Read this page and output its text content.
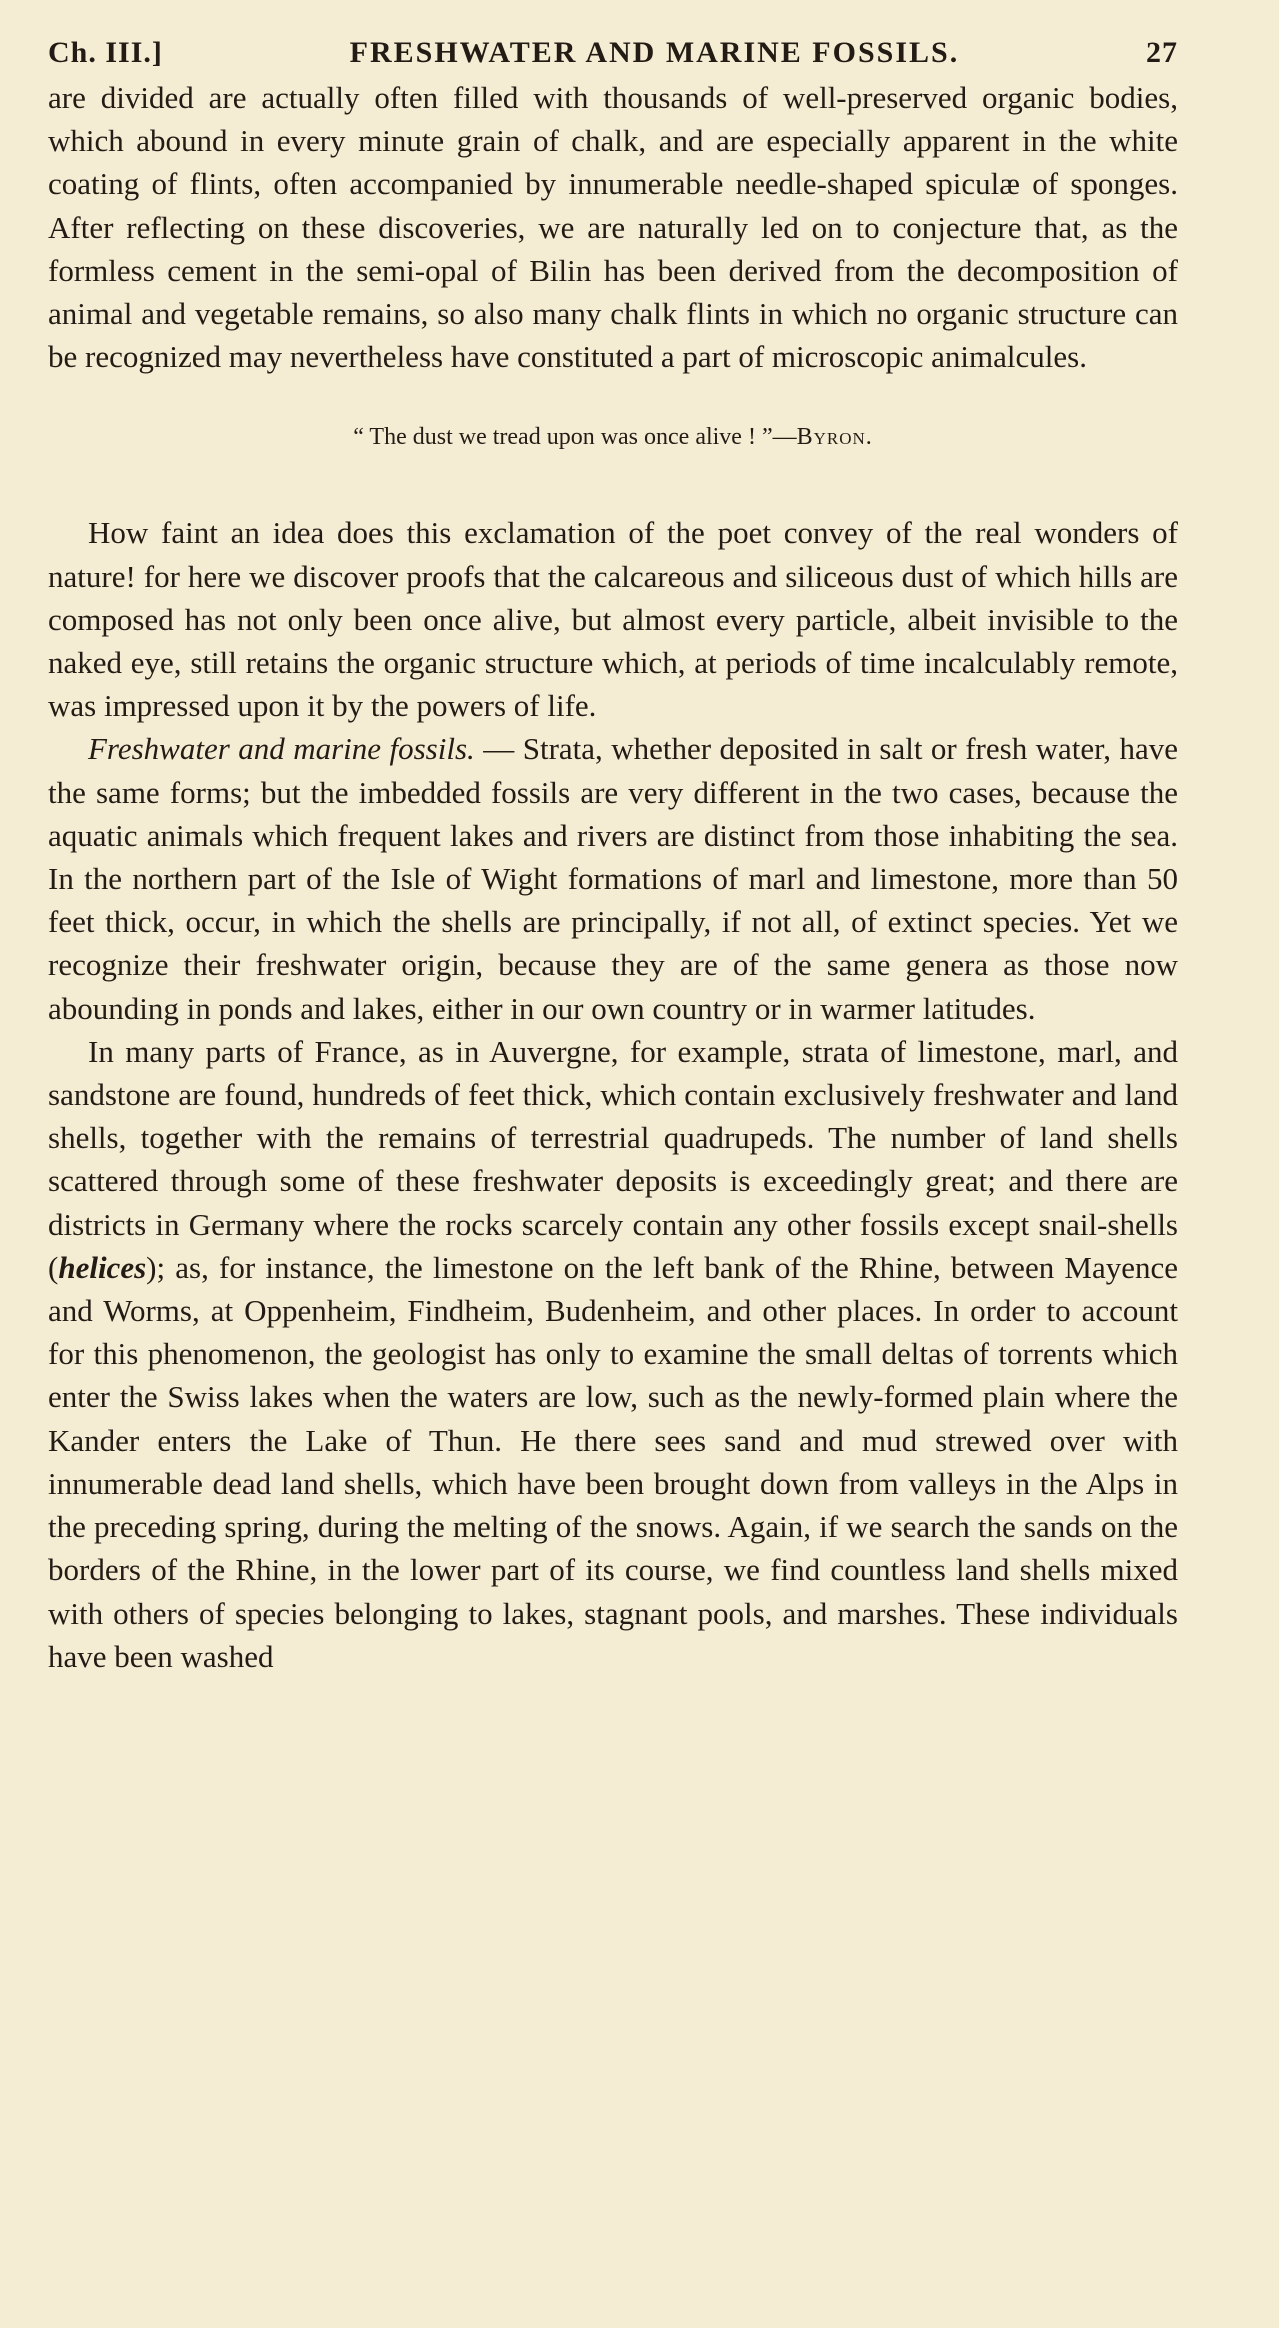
Ch. III.]	FRESHWATER AND MARINE FOSSILS.	27

are divided are actually often filled with thousands of well-preserved organic bodies, which abound in every minute grain of chalk, and are especially apparent in the white coating of flints, often accompanied by innumerable needle-shaped spiculæ of sponges. After reflecting on these discoveries, we are naturally led on to conjecture that, as the formless cement in the semi-opal of Bilin has been derived from the decomposition of animal and vegetable remains, so also many chalk flints in which no organic structure can be recognized may nevertheless have constituted a part of microscopic animalcules.

“ The dust we tread upon was once alive ! ”—Byron.

How faint an idea does this exclamation of the poet convey of the real wonders of nature! for here we discover proofs that the calcareous and siliceous dust of which hills are composed has not only been once alive, but almost every particle, albeit invisible to the naked eye, still retains the organic structure which, at periods of time incalculably remote, was impressed upon it by the powers of life.

Freshwater and marine fossils. — Strata, whether deposited in salt or fresh water, have the same forms; but the imbedded fossils are very different in the two cases, because the aquatic animals which frequent lakes and rivers are distinct from those inhabiting the sea. In the northern part of the Isle of Wight formations of marl and limestone, more than 50 feet thick, occur, in which the shells are principally, if not all, of extinct species. Yet we recognize their freshwater origin, because they are of the same genera as those now abounding in ponds and lakes, either in our own country or in warmer latitudes.

In many parts of France, as in Auvergne, for example, strata of limestone, marl, and sandstone are found, hundreds of feet thick, which contain exclusively freshwater and land shells, together with the remains of terrestrial quadrupeds. The number of land shells scattered through some of these freshwater deposits is exceedingly great; and there are districts in Germany where the rocks scarcely contain any other fossils except snail-shells (helices); as, for instance, the limestone on the left bank of the Rhine, between Mayence and Worms, at Oppenheim, Findheim, Budenheim, and other places. In order to account for this phenomenon, the geologist has only to examine the small deltas of torrents which enter the Swiss lakes when the waters are low, such as the newly-formed plain where the Kander enters the Lake of Thun. He there sees sand and mud strewed over with innumerable dead land shells, which have been brought down from valleys in the Alps in the preceding spring, during the melting of the snows. Again, if we search the sands on the borders of the Rhine, in the lower part of its course, we find countless land shells mixed with others of species belonging to lakes, stagnant pools, and marshes. These individuals have been washed
